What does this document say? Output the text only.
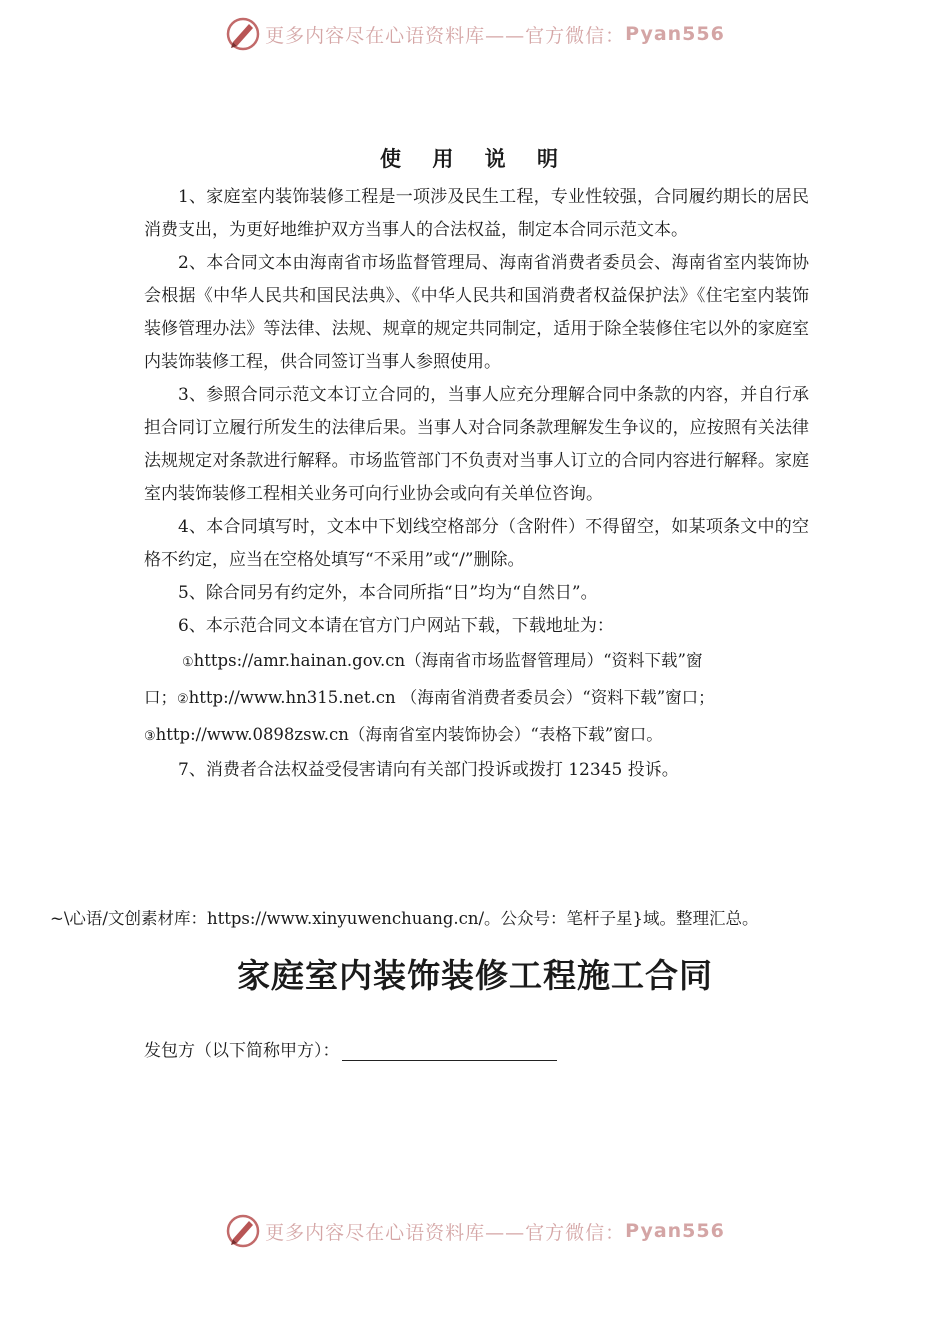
更多内容尽在心语资料库——官方微信： Pyan556
使 用 说 明

1、家庭室内装饰装修工程是一项涉及民生工程，专业性较强，合同履约期长的居民消费支出，为更好地维护双方当事人的合法权益，制定本合同示范文本。

2、本合同文本由海南省市场监督管理局、海南省消费者委员会、海南省室内装饰协会根据《中华人民共和国民法典》、《中华人民共和国消费者权益保护法》《住宅室内装饰装修管理办法》等法律、法规、规章的规定共同制定，适用于除全装修住宅以外的家庭室内装饰装修工程，供合同签订当事人参照使用。

3、参照合同示范文本订立合同的，当事人应充分理解合同中条款的内容，并自行承担合同订立履行所发生的法律后果。当事人对合同条款理解发生争议的，应按照有关法律法规规定对条款进行解释。市场监管部门不负责对当事人订立的合同内容进行解释。家庭室内装饰装修工程相关业务可向行业协会或向有关单位咨询。

4、本合同填写时，文本中下划线空格部分（含附件）不得留空，如某项条文中的空格不约定，应当在空格处填写“不采用”或“/”删除。

5、除合同另有约定外，本合同所指“日”均为“自然日”。

6、本示范合同文本请在官方门户网站下载，下载地址为：

①https://amr.hainan.gov.cn（海南省市场监督管理局）“资料下载”窗

口；②http://www.hn315.net.cn （海南省消费者委员会）“资料下载”窗口；

③http://www.0898zsw.cn（海南省室内装饰协会）“表格下载”窗口。

7、消费者合法权益受侵害请向有关部门投诉或拨打 12345 投诉。

~\心语/文创素材库：https://www.xinyuwenchuang.cn/。公众号：笔杆子星}域。整理汇总。
家庭室内装饰装修工程施工合同
发包方（以下简称甲方）：
更多内容尽在心语资料库——官方微信： Pyan556
